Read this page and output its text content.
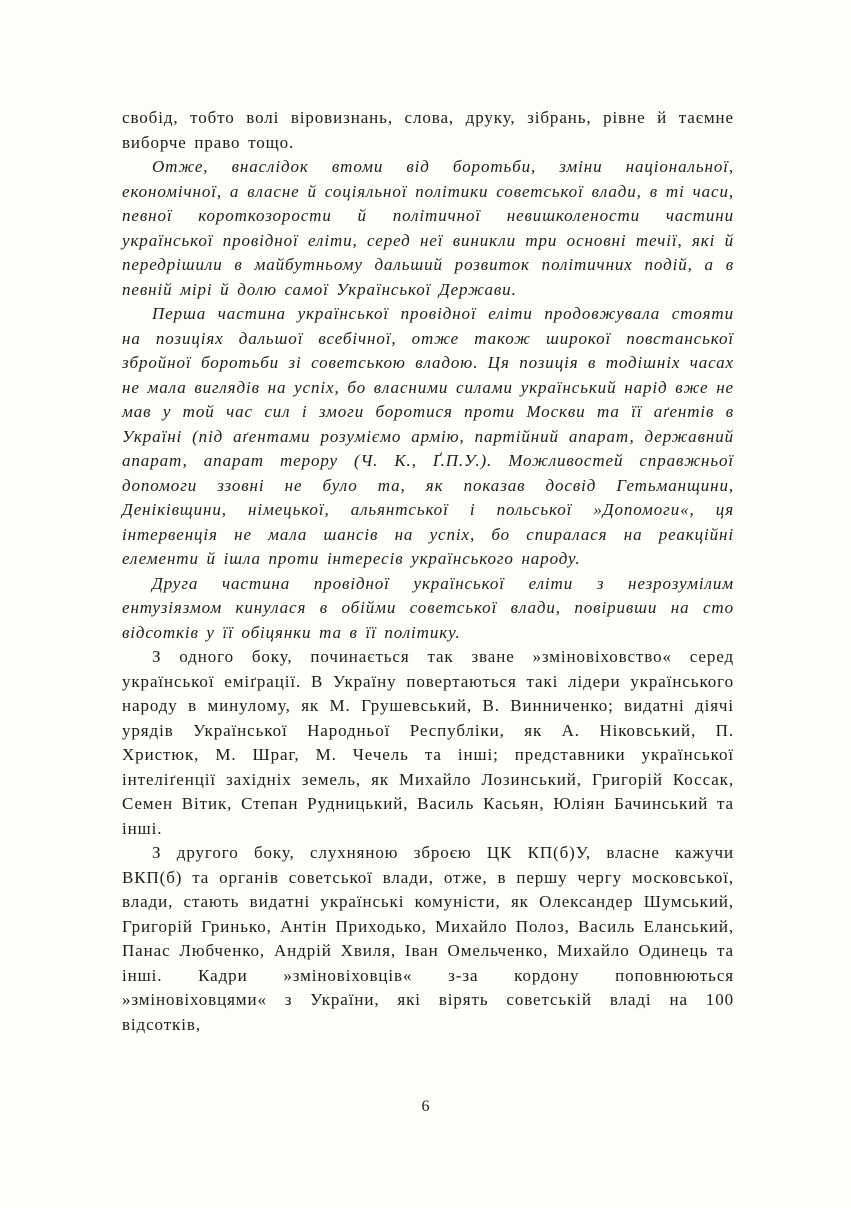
свобід, тобто волі віровизнань, слова, друку, зібрань, рівне й таємне виборче право тощо.

Отже, внаслідок втоми від боротьби, зміни національної, економічної, а власне й соціяльної політики советської влади, в ті часи, певної короткозорости й політичної невишколености частини української провідної еліти, серед неї виникли три основні течії, які й передрішили в майбутньому дальший розвиток політичних подій, а в певній мірі й долю самої Української Держави.

Перша частина української провідної еліти продовжувала стояти на позиціях дальшої всебічної, отже також широкої повстанської збройної боротьби зі советською владою. Ця позиція в тодішніх часах не мала виглядів на успіх, бо власними силами український нарід вже не мав у той час сил і змоги боротися проти Москви та її аґентів в Україні (під аґентами розуміємо армію, партійний апарат, державний апарат, апарат терору (Ч. К., Ґ.П.У.). Можливостей справжньої допомоги ззовні не було та, як показав досвід Гетьманщини, Деніківщини, німецької, альянтської і польської »Допомоги«, ця інтервенція не мала шансів на успіх, бо спиралася на реакційні елементи й ішла проти інтересів українського народу.

Друга частина провідної української еліти з незрозумілим ентузіязмом кинулася в обійми советської влади, повіривши на сто відсотків у її обіцянки та в її політику.

З одного боку, починається так зване »зміновіховство« серед української еміґрації. В Україну повертаються такі лідери українського народу в минулому, як М. Грушевський, В. Винниченко; видатні діячі урядів Української Народньої Республіки, як А. Ніковський, П. Христюк, М. Шраг, М. Чечель та інші; представники української інтеліґенції західніх земель, як Михайло Лозинський, Григорій Коссак, Семен Вітик, Степан Рудницький, Василь Касьян, Юліян Бачинський та інші.

З другого боку, слухняною зброєю ЦК КП(б)У, власне кажучи ВКП(б) та органів советської влади, отже, в першу чергу московської, влади, стають видатні українські комуністи, як Олександер Шумський, Григорій Гринько, Антін Приходько, Михайло Полоз, Василь Еланський, Панас Любченко, Андрій Хвиля, Іван Омельченко, Михайло Одинець та інші. Кадри »зміновіховців« з-за кордону поповнюються »зміновіховцями« з України, які вірять советській владі на 100 відсотків,

6
